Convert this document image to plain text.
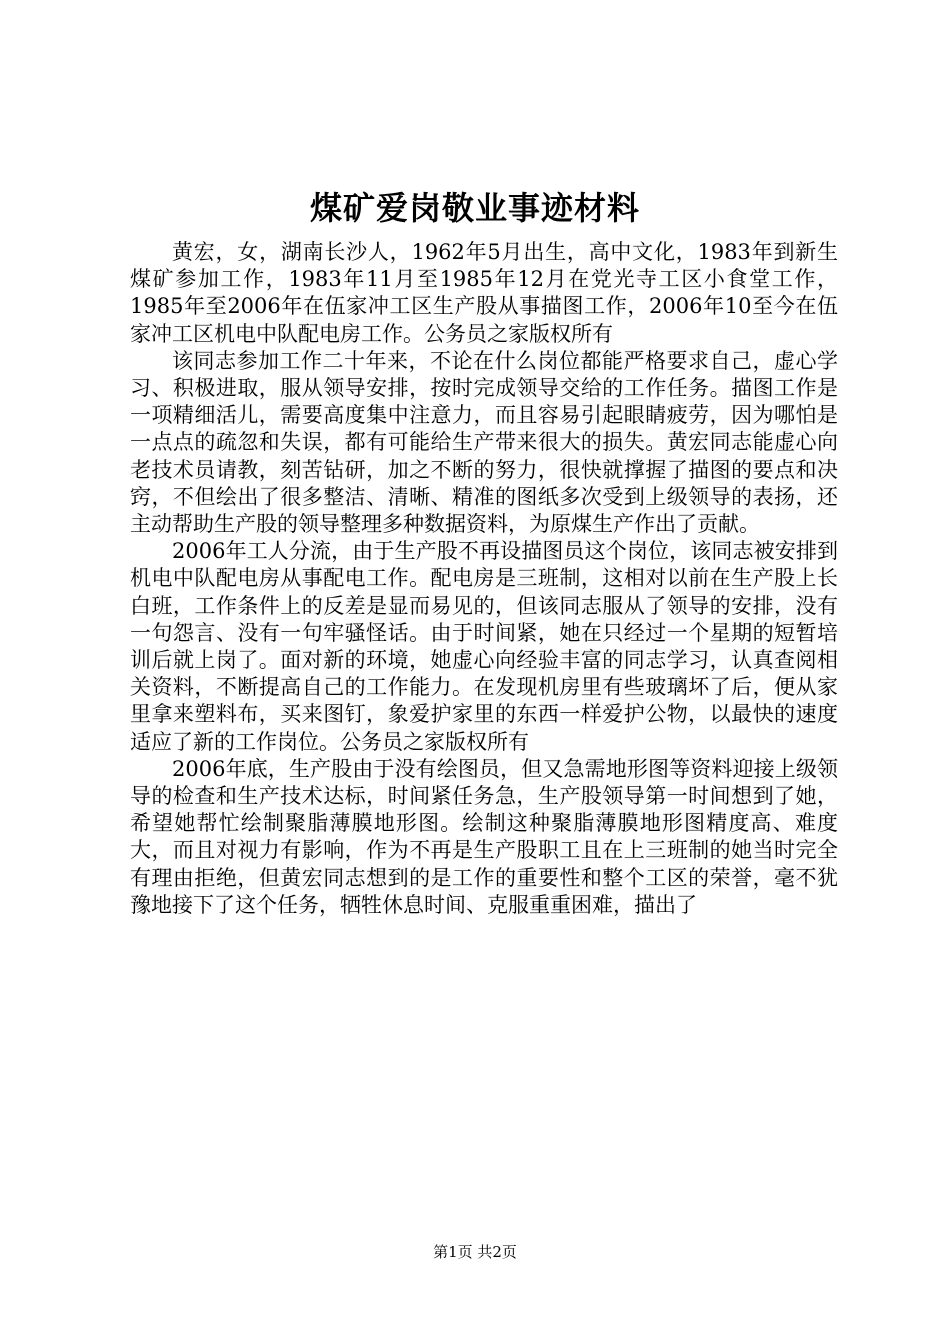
煤矿爱岗敬业事迹材料

黄宏，女，湖南长沙人，1962年5月出生，高中文化，1983年到新生煤矿参加工作，1983年11月至1985年12月在党光寺工区小食堂工作，1985年至2006年在伍家冲工区生产股从事描图工作，2006年10至今在伍家冲工区机电中队配电房工作。公务员之家版权所有

该同志参加工作二十年来，不论在什么岗位都能严格要求自己，虚心学习、积极进取，服从领导安排，按时完成领导交给的工作任务。描图工作是一项精细活儿，需要高度集中注意力，而且容易引起眼睛疲劳，因为哪怕是一点点的疏忽和失误，都有可能给生产带来很大的损失。黄宏同志能虚心向老技术员请教，刻苦钻研，加之不断的努力，很快就撑握了描图的要点和决窍，不但绘出了很多整洁、清晰、精准的图纸多次受到上级领导的表扬，还主动帮助生产股的领导整理多种数据资料，为原煤生产作出了贡献。

2006年工人分流，由于生产股不再设描图员这个岗位，该同志被安排到机电中队配电房从事配电工作。配电房是三班制，这相对以前在生产股上长白班，工作条件上的反差是显而易见的，但该同志服从了领导的安排，没有一句怨言、没有一句牢骚怪话。由于时间紧，她在只经过一个星期的短暂培训后就上岗了。面对新的环境，她虚心向经验丰富的同志学习，认真查阅相关资料，不断提高自己的工作能力。在发现机房里有些玻璃坏了后，便从家里拿来塑料布，买来图钉，象爱护家里的东西一样爱护公物，以最快的速度适应了新的工作岗位。公务员之家版权所有

2006年底，生产股由于没有绘图员，但又急需地形图等资料迎接上级领导的检查和生产技术达标，时间紧任务急，生产股领导第一时间想到了她，希望她帮忙绘制聚脂薄膜地形图。绘制这种聚脂薄膜地形图精度高、难度大，而且对视力有影响，作为不再是生产股职工且在上三班制的她当时完全有理由拒绝，但黄宏同志想到的是工作的重要性和整个工区的荣誉，毫不犹豫地接下了这个任务，牺牲休息时间、克服重重困难，描出了

第1页 共2页
